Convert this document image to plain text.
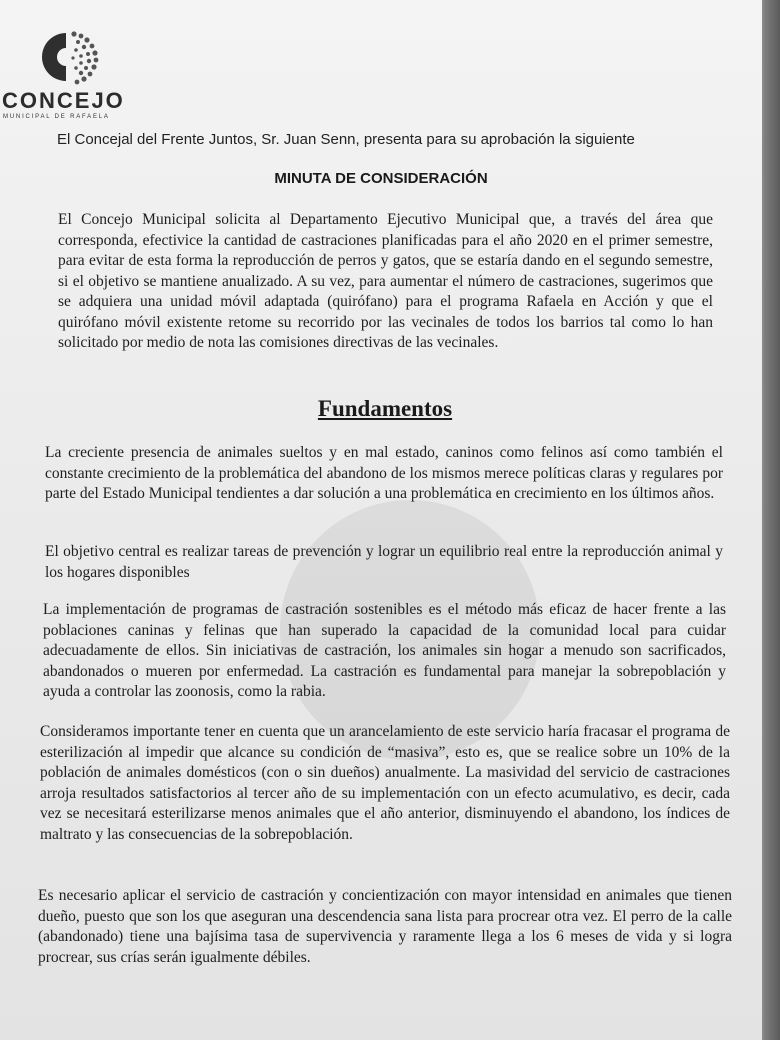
CONCEJO
MUNICIPAL DE RAFAELA
El Concejal del Frente Juntos, Sr. Juan Senn, presenta para su aprobación la siguiente
MINUTA DE CONSIDERACIÓN
El Concejo Municipal solicita al Departamento Ejecutivo Municipal que, a través del área que corresponda, efectivice la cantidad de castraciones planificadas para el año 2020 en el primer semestre, para evitar de esta forma la reproducción de perros y gatos, que se estaría dando en el segundo semestre, si el objetivo se mantiene anualizado. A su vez, para aumentar el número de castraciones, sugerimos que se adquiera una unidad móvil adaptada (quirófano) para el programa Rafaela en Acción y que el quirófano móvil existente retome su recorrido por las vecinales de todos los barrios tal como lo han solicitado por medio de nota las comisiones directivas de las vecinales.
Fundamentos
La creciente presencia de animales sueltos y en mal estado, caninos como felinos así como también el constante crecimiento de la problemática del abandono de los mismos merece políticas claras y regulares por parte del Estado Municipal tendientes a dar solución a una problemática en crecimiento en los últimos años.
El objetivo central es realizar tareas de prevención y lograr un equilibrio real entre la reproducción animal y los hogares disponibles
La implementación de programas de castración sostenibles es el método más eficaz de hacer frente a las poblaciones caninas y felinas que han superado la capacidad de la comunidad local para cuidar adecuadamente de ellos. Sin iniciativas de castración, los animales sin hogar a menudo son sacrificados, abandonados o mueren por enfermedad. La castración es fundamental para manejar la sobrepoblación y ayuda a controlar las zoonosis, como la rabia.
Consideramos importante tener en cuenta que un arancelamiento de este servicio haría fracasar el programa de esterilización al impedir que alcance su condición de “masiva”, esto es, que se realice sobre un 10% de la población de animales domésticos (con o sin dueños) anualmente. La masividad del servicio de castraciones arroja resultados satisfactorios al tercer año de su implementación con un efecto acumulativo, es decir, cada vez se necesitará esterilizarse menos animales que el año anterior, disminuyendo el abandono, los índices de maltrato y las consecuencias de la sobrepoblación.
Es necesario aplicar el servicio de castración y concientización con mayor intensidad en animales que tienen dueño, puesto que son los que aseguran una descendencia sana lista para procrear otra vez. El perro de la calle (abandonado) tiene una bajísima tasa de supervivencia y raramente llega a los 6 meses de vida y si logra procrear, sus crías serán igualmente débiles.
